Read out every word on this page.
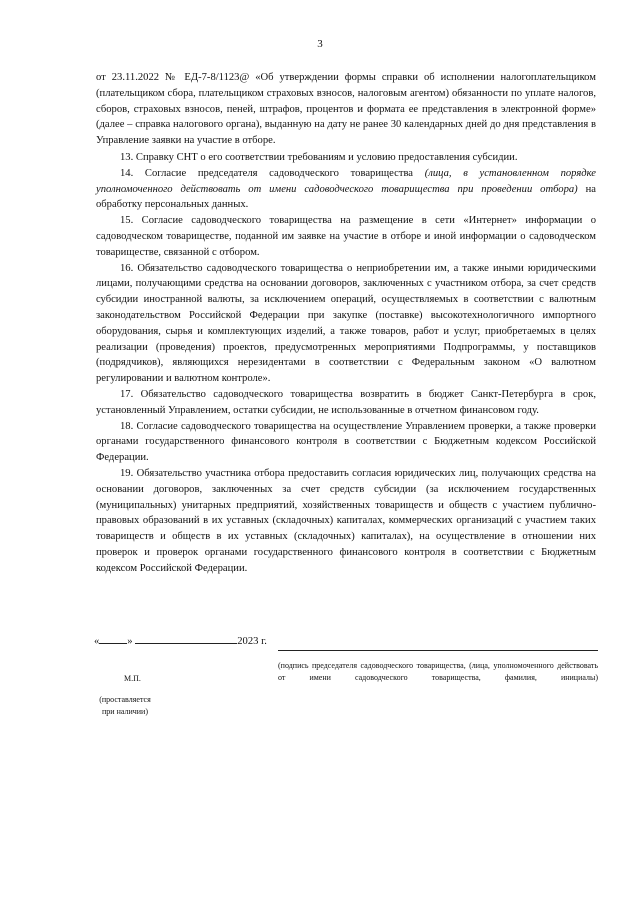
3

от 23.11.2022 № ЕД-7-8/1123@ «Об утверждении формы справки об исполнении налогоплательщиком (плательщиком сбора, плательщиком страховых взносов, налоговым агентом) обязанности по уплате налогов, сборов, страховых взносов, пеней, штрафов, процентов и формата ее представления в электронной форме» (далее – справка налогового органа), выданную на дату не ранее 30 календарных дней до дня представления в Управление заявки на участие в отборе.

13. Справку СНТ о его соответствии требованиям и условию предоставления субсидии.

14. Согласие председателя садоводческого товарищества (лица, в установленном порядке уполномоченного действовать от имени садоводческого товарищества при проведении отбора) на обработку персональных данных.

15. Согласие садоводческого товарищества на размещение в сети «Интернет» информации о садоводческом товариществе, поданной им заявке на участие в отборе и иной информации о садоводческом товариществе, связанной с отбором.

16. Обязательство садоводческого товарищества о неприобретении им, а также иными юридическими лицами, получающими средства на основании договоров, заключенных с участником отбора, за счет средств субсидии иностранной валюты, за исключением операций, осуществляемых в соответствии с валютным законодательством Российской Федерации при закупке (поставке) высокотехнологичного импортного оборудования, сырья и комплектующих изделий, а также товаров, работ и услуг, приобретаемых в целях реализации (проведения) проектов, предусмотренных мероприятиями Подпрограммы, у поставщиков (подрядчиков), являющихся нерезидентами в соответствии с Федеральным законом «О валютном регулировании и валютном контроле».

17. Обязательство садоводческого товарищества возвратить в бюджет Санкт-Петербурга в срок, установленный Управлением, остатки субсидии, не использованные в отчетном финансовом году.

18. Согласие садоводческого товарищества на осуществление Управлением проверки, а также проверки органами государственного финансового контроля в соответствии с Бюджетным кодексом Российской Федерации.

19. Обязательство участника отбора предоставить согласия юридических лиц, получающих средства на основании договоров, заключенных за счет средств субсидии (за исключением государственных (муниципальных) унитарных предприятий, хозяйственных товариществ и обществ с участием публично-правовых образований в их уставных (складочных) капиталах, коммерческих организаций с участием таких товариществ и обществ в их уставных (складочных) капиталах), на осуществление в отношении них проверок и проверок органами государственного финансового контроля в соответствии с Бюджетным кодексом Российской Федерации.

«	»	2023 г.
(подпись председателя садоводческого товарищества, (лица, уполномоченного действовать от имени садоводческого товарищества, фамилия, инициалы)
М.П.
(проставляется при наличии)
